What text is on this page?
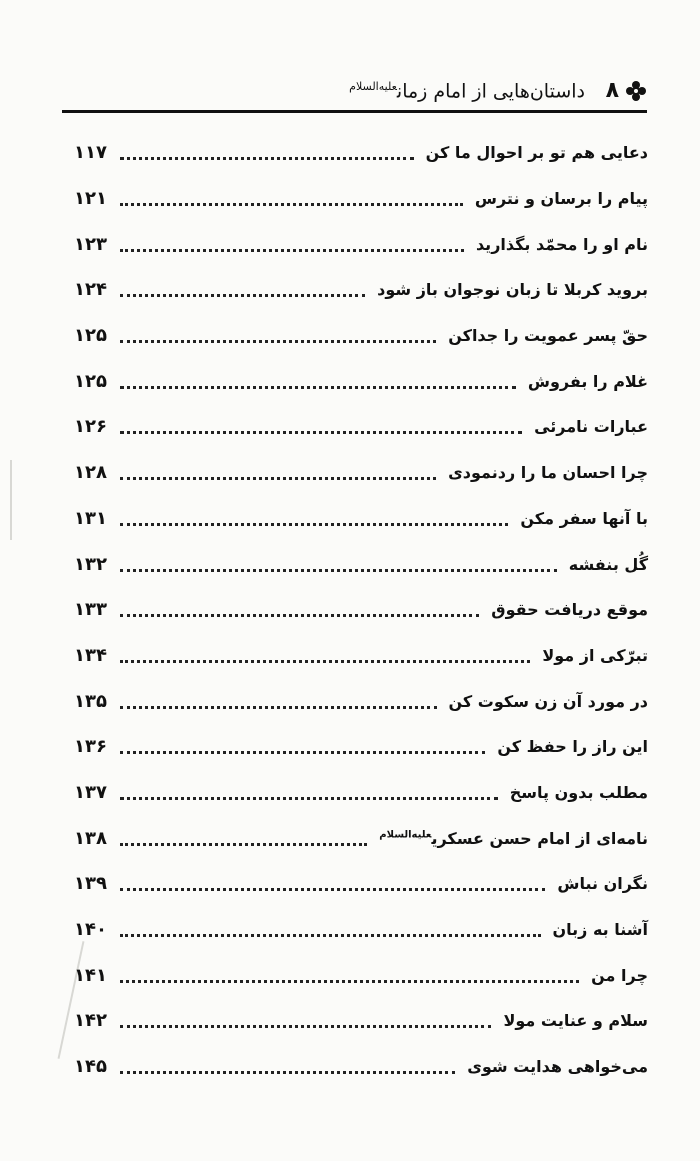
داستان‌هایی از امام زمان$^{عليه‌السلام}$	۸
دعایی هم تو بر احوال ما کن
۱۱۷
پیام را برسان و نترس
۱۲۱
نام او را محمّد بگذارید
۱۲۳
بروید کربلا تا زبان نوجوان باز شود
۱۲۴
حقّ پسر عمویت را جداکن
۱۲۵
غلام را بفروش
۱۲۵
عبارات نامرئی
۱۲۶
چرا احسان ما را ردنمودی
۱۲۸
با آنها سفر مکن
۱۳۱
گُل بنفشه
۱۳۲
موقع دریافت حقوق
۱۳۳
تبرّکی از مولا
۱۳۴
در مورد آن زن سکوت کن
۱۳۵
این راز را حفظ کن
۱۳۶
مطلب بدون پاسخ
۱۳۷
نامه‌ای از امام حسن عسکری$^{عليه‌السلام}$
۱۳۸
نگران نباش
۱۳۹
آشنا به زبان
۱۴۰
چرا من
۱۴۱
سلام و عنایت مولا
۱۴۲
می‌خواهی هدایت شوی
۱۴۵
